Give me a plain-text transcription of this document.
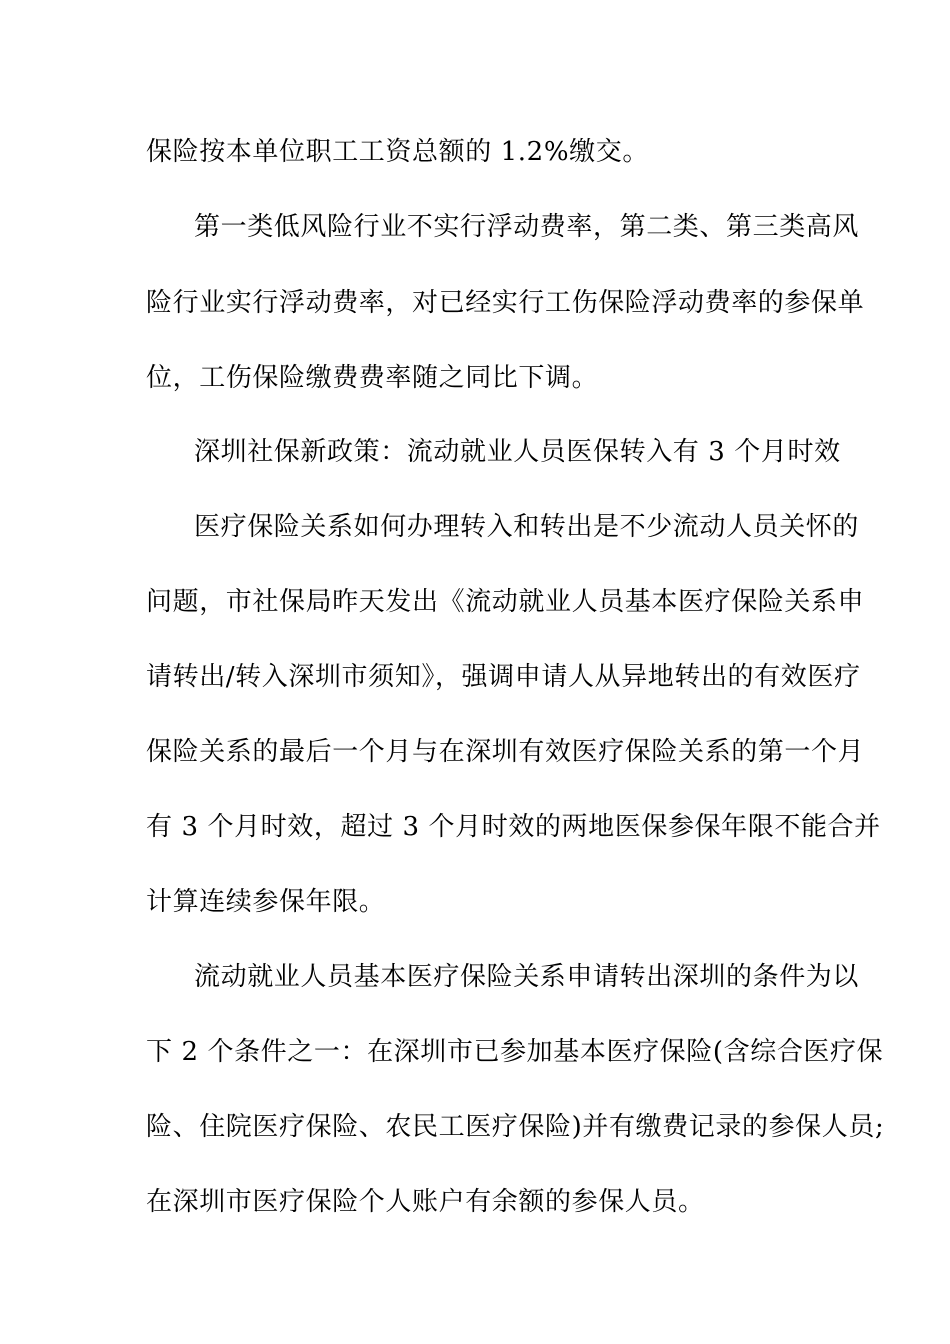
保险按本单位职工工资总额的 1.2%缴交。
第一类低风险行业不实行浮动费率，第二类、第三类高风
险行业实行浮动费率，对已经实行工伤保险浮动费率的参保单
位，工伤保险缴费费率随之同比下调。
深圳社保新政策：流动就业人员医保转入有 3 个月时效
医疗保险关系如何办理转入和转出是不少流动人员关怀的
问题，市社保局昨天发出《流动就业人员基本医疗保险关系申
请转出/转入深圳市须知》，强调申请人从异地转出的有效医疗
保险关系的最后一个月与在深圳有效医疗保险关系的第一个月
有 3 个月时效，超过 3 个月时效的两地医保参保年限不能合并
计算连续参保年限。
流动就业人员基本医疗保险关系申请转出深圳的条件为以
下 2 个条件之一：在深圳市已参加基本医疗保险(含综合医疗保
险、住院医疗保险、农民工医疗保险)并有缴费记录的参保人员;
在深圳市医疗保险个人账户有余额的参保人员。
